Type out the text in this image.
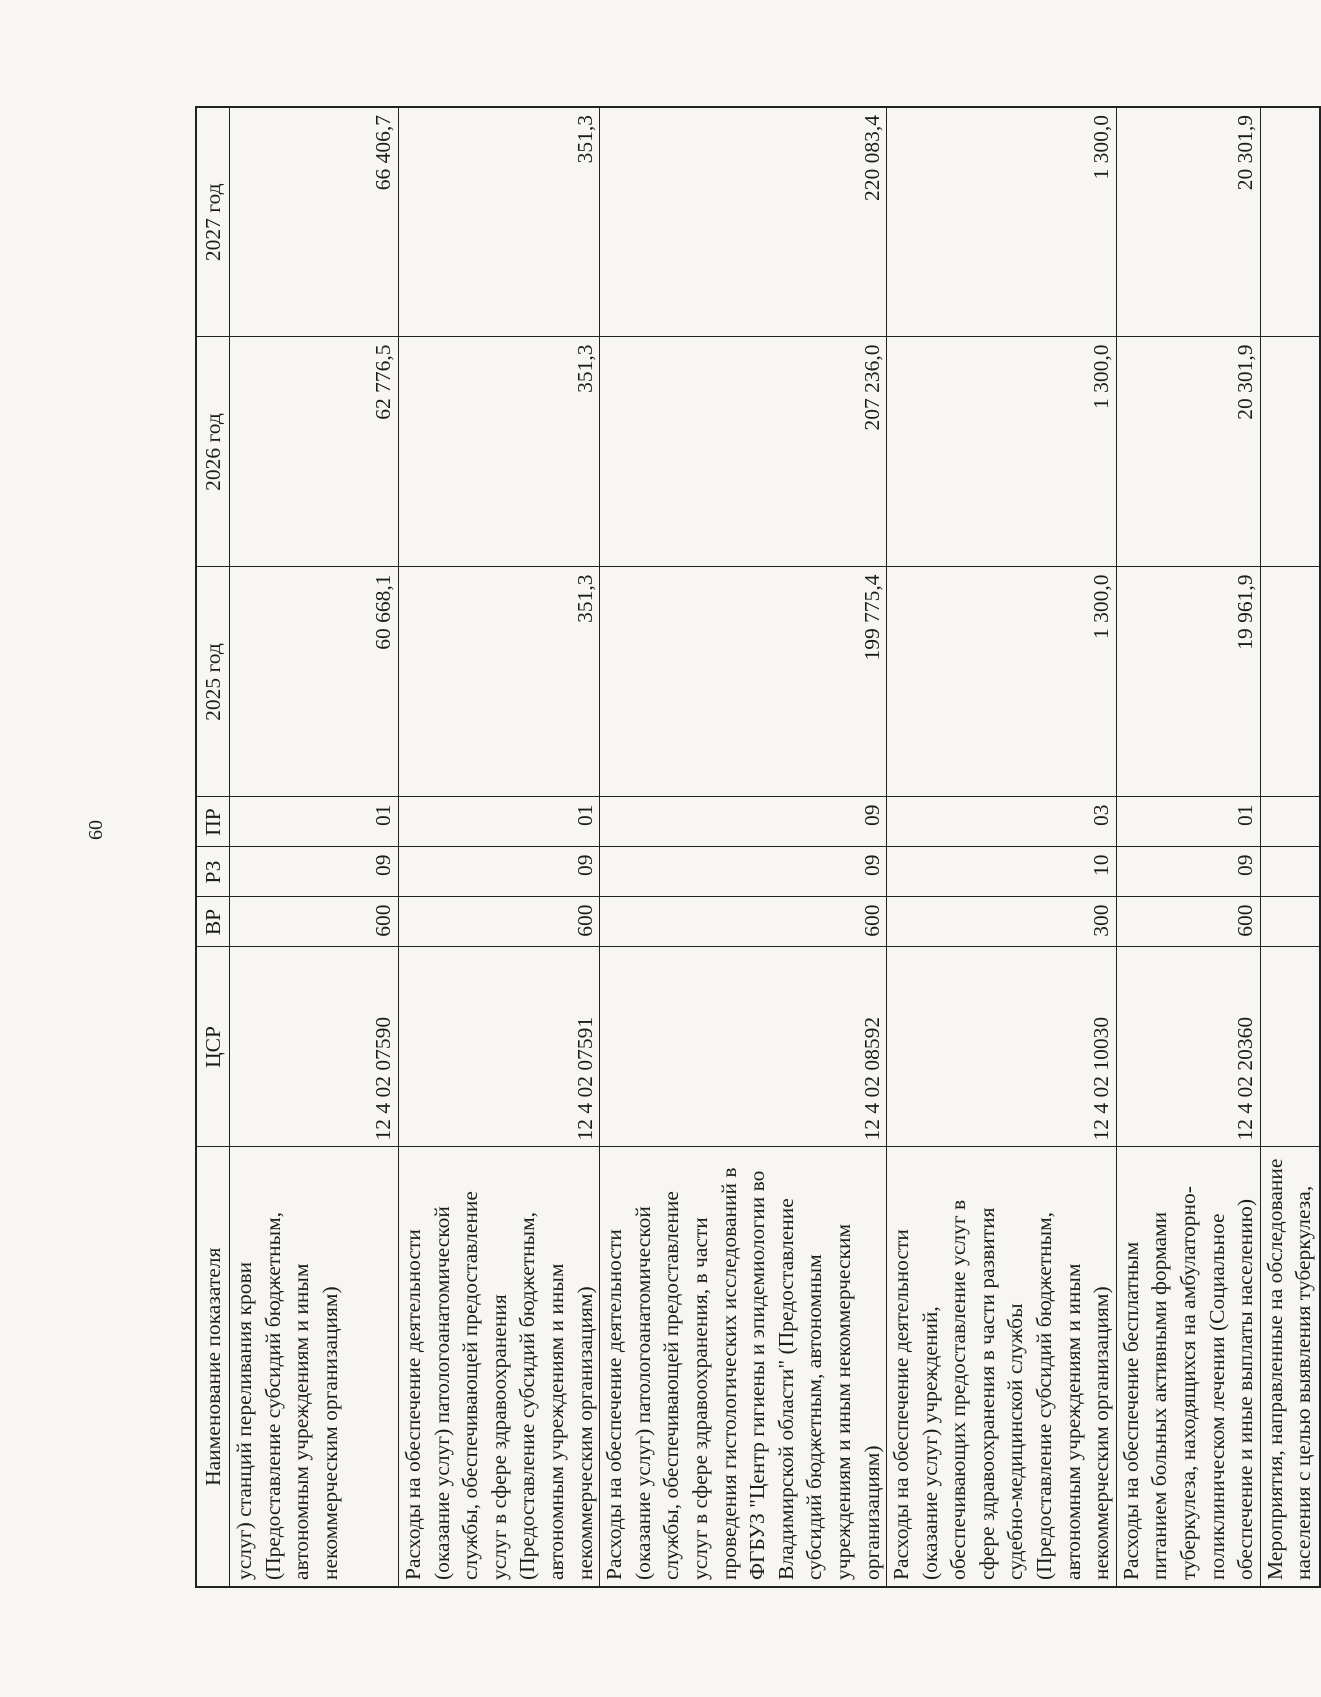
60
Наименование показателя	ЦСР	ВР	РЗ	ПР	2025 год	2026 год	2027 год
услуг) станций переливания крови (Предоставление субсидий бюджетным, автономным учреждениям и иным некоммерческим организациям)	12 4 02 07590	600	09	01	60 668,1	62 776,5	66 406,7
Расходы на обеспечение деятельности (оказание услуг) патологоанатомической службы, обеспечивающей предоставление услуг в сфере здравоохранения (Предоставление субсидий бюджетным, автономным учреждениям и иным некоммерческим организациям)	12 4 02 07591	600	09	01	351,3	351,3	351,3
Расходы на обеспечение деятельности (оказание услуг) патологоанатомической службы, обеспечивающей предоставление услуг в сфере здравоохранения, в части проведения гистологических исследований в ФГБУЗ "Центр гигиены и эпидемиологии во Владимирской области" (Предоставление субсидий бюджетным, автономным учреждениям и иным некоммерческим организациям)	12 4 02 08592	600	09	09	199 775,4	207 236,0	220 083,4
Расходы на обеспечение деятельности (оказание услуг) учреждений, обеспечивающих предоставление услуг в сфере здравоохранения в части развития судебно-медицинской службы (Предоставление субсидий бюджетным, автономным учреждениям и иным некоммерческим организациям)	12 4 02 10030	300	10	03	1 300,0	1 300,0	1 300,0
Расходы на обеспечение бесплатным питанием больных активными формами туберкулеза, находящихся на амбулаторно-поликлиническом лечении (Социальное обеспечение и иные выплаты населению)	12 4 02 20360	600	09	01	19 961,9	20 301,9	20 301,9
Мероприятия, направленные на обследование населения с целью выявления туберкулеза,							
